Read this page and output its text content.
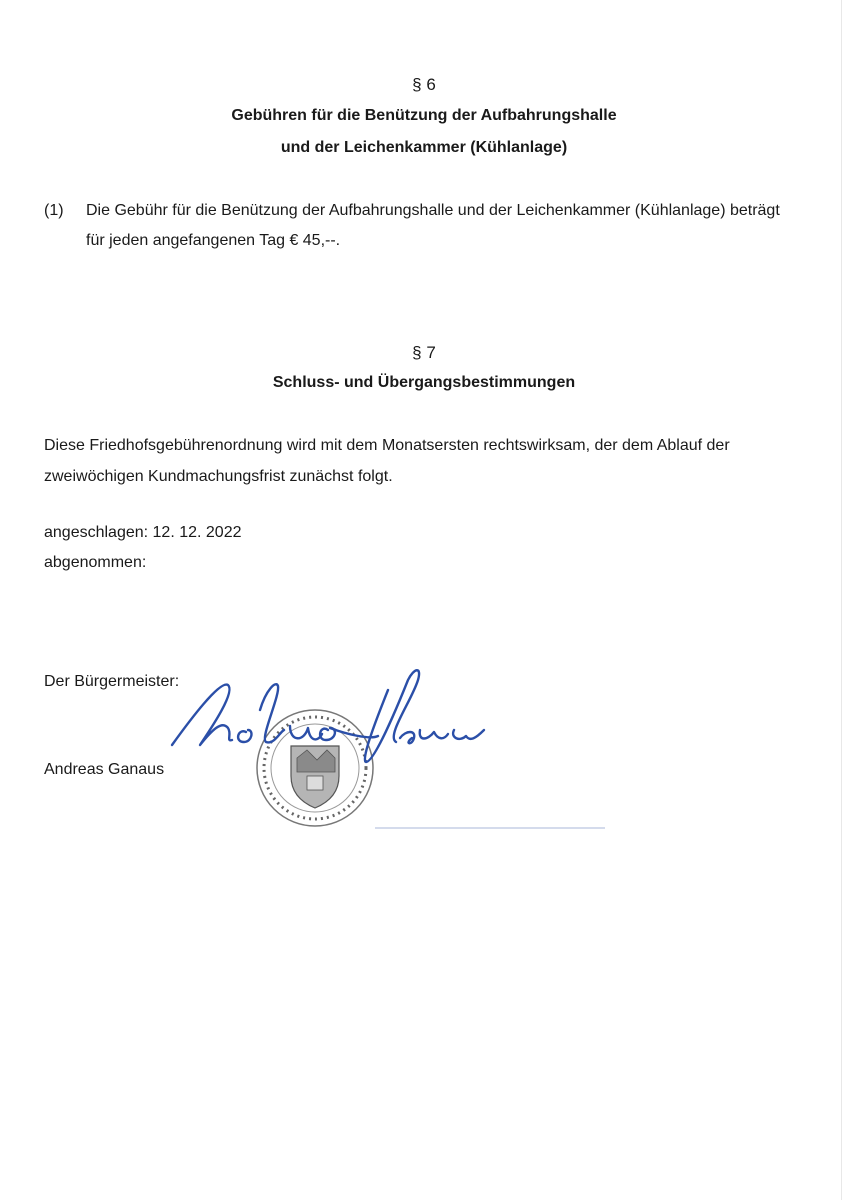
§ 6
Gebühren für die Benützung der Aufbahrungshalle
und der Leichenkammer (Kühlanlage)
(1) Die Gebühr für die Benützung der Aufbahrungshalle und der Leichenkammer (Kühlanlage) beträgt für jeden angefangenen Tag € 45,--.
§ 7
Schluss- und Übergangsbestimmungen
Diese Friedhofsgebührenordnung wird mit dem Monatsersten rechtswirksam, der dem Ablauf der zweiwöchigen Kundmachungsfrist zunächst folgt.
angeschlagen: 12. 12. 2022
abgenommen:
Der Bürgermeister:
Andreas Ganaus
